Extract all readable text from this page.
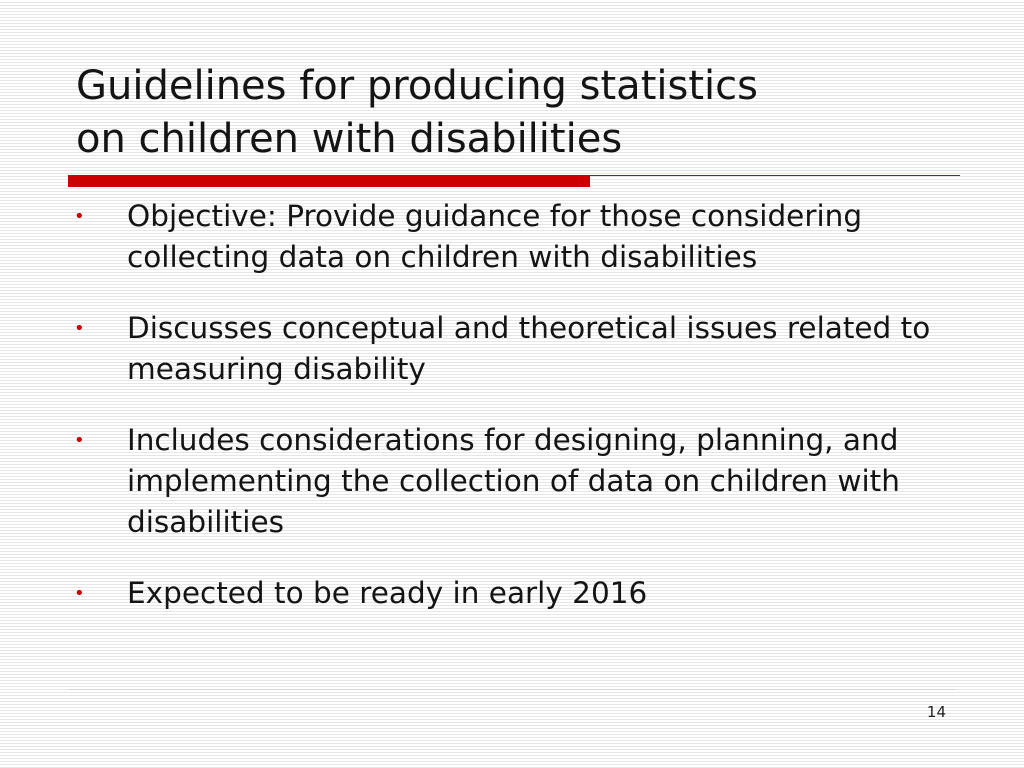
Guidelines for producing statistics
on children with disabilities
• Objective: Provide guidance for those considering collecting data on children with disabilities
• Discusses conceptual and theoretical issues related to measuring disability
• Includes considerations for designing, planning, and implementing the collection of data on children with disabilities
• Expected to be ready in early 2016
14
